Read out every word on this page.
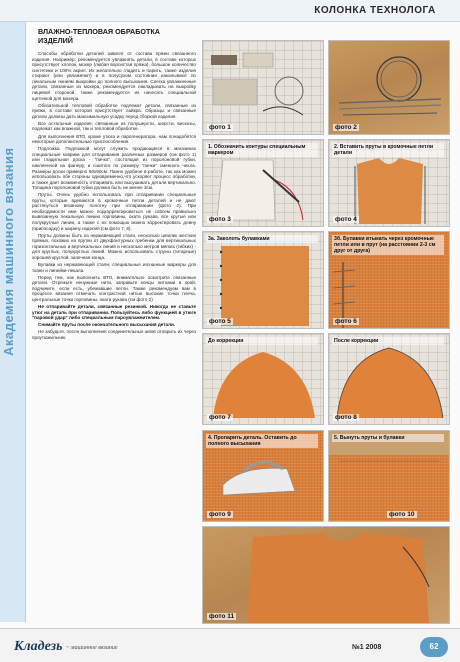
КОЛОНКА ТЕХНОЛОГА
Академия машинного вязания
ВЛАЖНО-ТЕПЛОВАЯ ОБРАБОТКА ИЗДЕЛИЙ

Способы обработки деталей зависят от состава пряжи связанного изделия. Например: рекомендуется увлажнять детали, в составе которых присутствует хлопок, мохер (любая ворсистая пряжа), большое количество синтетики и 100% акрил. Их желательно гладить и парить, также изделия стирают (или увлажняют) и в полусухом состоянии накалывают по лекальным линиям выкройки до полного высыхания. Слегка увлажненные детали, связанные из мохера, рекомендуется накладывать на выкройку лицевой стороной, также рекомендуется их начесать специальной щеточкой для мохера.

Обязательной тепловой обработке подлежат детали, связанные из пряжи, в составе которой присутствует лайкра. Образцы и связанные детали должны дать максимальную усадку перед сборкой изделия.

Все остальные изделия, связанные из полушерсти, шерсти, вискозы, подлежат как влажной, так и тепловой обработке.

Для выполнения ВТО, кроме утюга и парогенератора, нам понадобятся некоторые дополнительные приспособления.

Подложка. Подложкой могут служить продающиеся в магазинах специальные коврики для отпаривания различных размеров (см фото 1) или гладильная доска - "пачка", состоящая из поролоновой губки, наклеенной на фанеру, и сшитого по размеру "пачки" сменного чехла. Размеры доски примерно 60х90см. Панно удобное в работе, так как можно использовать обе стороны одновременно,что ускоряет процесс обработки, а также дает возможность отпаривать или высушивать детали вертикально. Толщина поролоновой губки должна быть не менее 3см.

Пруты. Очень удобно использовать при отпаривании специальные пруты, которые вдеваются в кромочные петли деталей и не дают растянуться вязаному полотну при отпаривании (фото 2). При необходимости ими можно подкорректироваться не совсем правильно вывязанную лекальную линию горловины, оката рукава, все крутые или полукруглые линии, а также с их помощью можно корректировать длину (припосадку) и ширину изделия (см фото 7, 8).

Пруты должны быть из нержавеющей стали, несколько шпилек жестких прямых, похожих на прутки от двухфонтурных гребенки для вертикальных горизонтальных и вертикальных линий и несколько метров мягких (гибких) - для круглых, полукруглых линий. Можно использовать струны (гитарные) хорошей круглой, запечная конца.

Булавки из нержавеющей стали, специальные изгнанные маркеры для ткани и линейки-лекала.

Перед тем, как выполнить ВТО, внимательно осмотрите связанные детали. Отрежьте ненужные нити, заправьте концы нитками в край, подчините, если есть, убежавшие петли. Также рекомендуем вам в процессе вязания отмечать контрастной нитью высокие точки плеча, центральные точки горловины, оката рукава (см фото 2)

Не отпаривайте детали, связанные резинкой. Никогда не ставьте утюг на деталь при отпаривании. Пользуйтесь либо функцией в утюге "паровой удар" либо специальным пароувлажнителем.

Снимайте пруты после окончательного высыхания детали.

Не забудьте, после выполнения соединительных швов отпарить их через проутюжильник.

фото 1	фото 2
1. Обозначить контуры специальным маркером
фото 3
2. Вставить пруты в кромочные петли детали
фото 4
3а. Заколоть булавками
фото 5
3б. Булавки втыкать через кромочные петли или в прут (на расстоянии 2-3 см друг от друга)
фото 6
До коррекции
фото 7
После коррекции
фото 8
4. Пропарить деталь. Оставить до полного высыхания
фото 9
5. Вынуть пруты и булавки
фото 10
фото 11
Кладезь ~ машинное вязание	№1 2008	62
